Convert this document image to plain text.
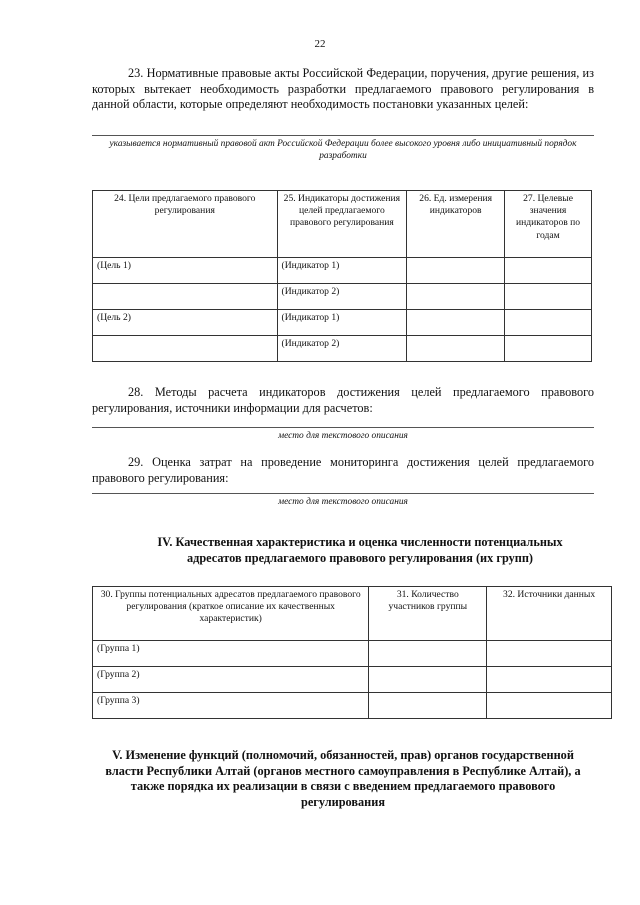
22
23. Нормативные правовые акты Российской Федерации, поручения, другие решения, из которых вытекает необходимость разработки предлагаемого правового регулирования в данной области, которые определяют необходимость постановки указанных целей:
указывается нормативный правовой акт Российской Федерации более высокого уровня либо инициативный порядок разработки
24. Цели предлагаемого правового регулирования	25. Индикаторы достижения целей предлагаемого правового регулирования	26. Ед. измерения индикаторов	27. Целевые значения индикаторов по годам
(Цель 1)	(Индикатор 1)		
	(Индикатор 2)		
(Цель 2)	(Индикатор 1)		
	(Индикатор 2)		
28. Методы расчета индикаторов достижения целей предлагаемого правового регулирования, источники информации для расчетов:
место для текстового описания
29. Оценка затрат на проведение мониторинга достижения целей предлагаемого правового регулирования:
место для текстового описания
IV. Качественная характеристика и оценка численности потенциальных адресатов предлагаемого правового регулирования (их групп)
30. Группы потенциальных адресатов предлагаемого правового регулирования (краткое описание их качественных характеристик)	31. Количество участников группы	32. Источники данных
(Группа 1)		
(Группа 2)		
(Группа 3)		
V. Изменение функций (полномочий, обязанностей, прав) органов государственной власти Республики Алтай (органов местного самоуправления в Республике Алтай), а также порядка их реализации в связи с введением предлагаемого правового регулирования
